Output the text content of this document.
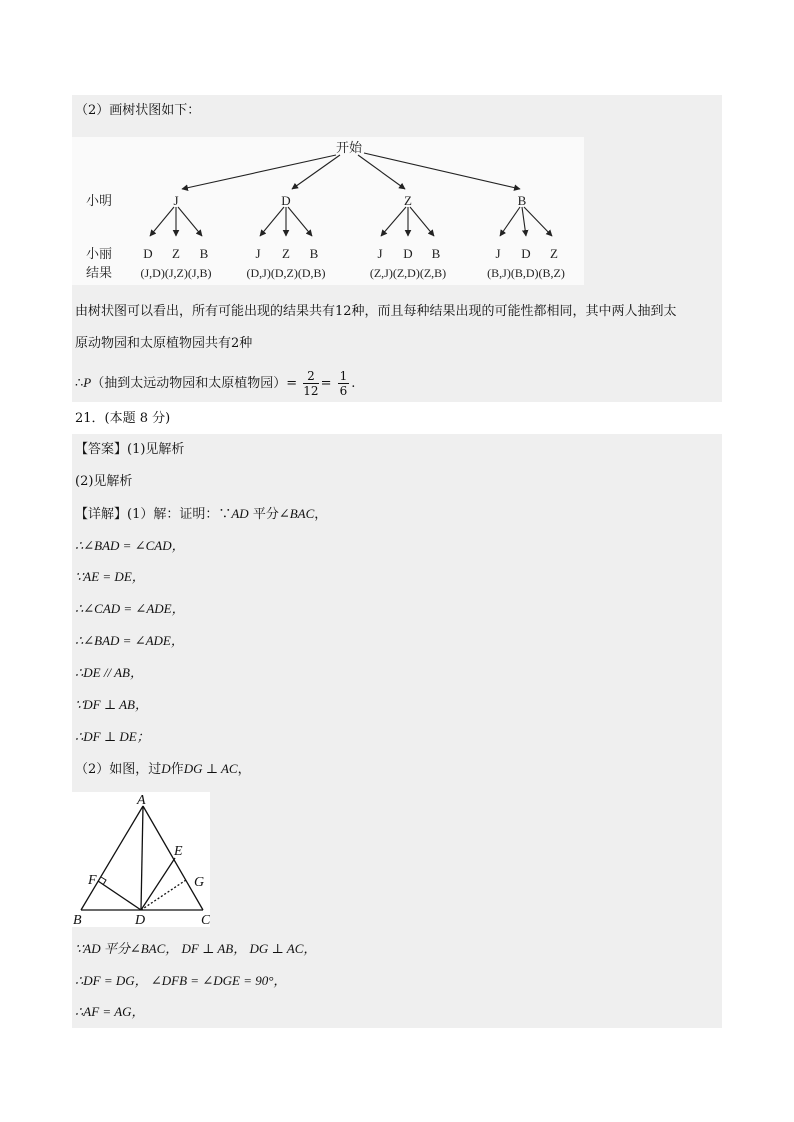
（2）画树状图如下：
开始
小明
小丽
结果
J	D	Z	B
D Z B	J Z B	J D B	J D Z
(J,D)(J,Z)(J,B)	(D,J)(D,Z)(D,B)	(Z,J)(Z,D)(Z,B)	(B,J)(B,D)(B,Z)
由树状图可以看出，所有可能出现的结果共有12种，而且每种结果出现的可能性都相同，其中两人抽到太
原动物园和太原植物园共有2种
∴P（抽到太远动物园和太原植物园）= $\frac{2}{12} = \frac{1}{6}$ .
21．(本题 8 分)
【答案】(1)见解析
(2)见解析
【详解】(1）解：证明：∵AD 平分∠BAC，
∴∠BAD = ∠CAD，
∵AE = DE，
∴∠CAD = ∠ADE，
∴∠BAD = ∠ADE，
∴DE // AB，
∵DF ⊥ AB，
∴DF ⊥ DE；
（2）如图，过D作DG ⊥ AC，
A
B	C
D
E
F	G
∵AD 平分∠BAC， DF ⊥ AB， DG ⊥ AC，
∴DF = DG， ∠DFB = ∠DGE = 90°，
∴AF = AG，
